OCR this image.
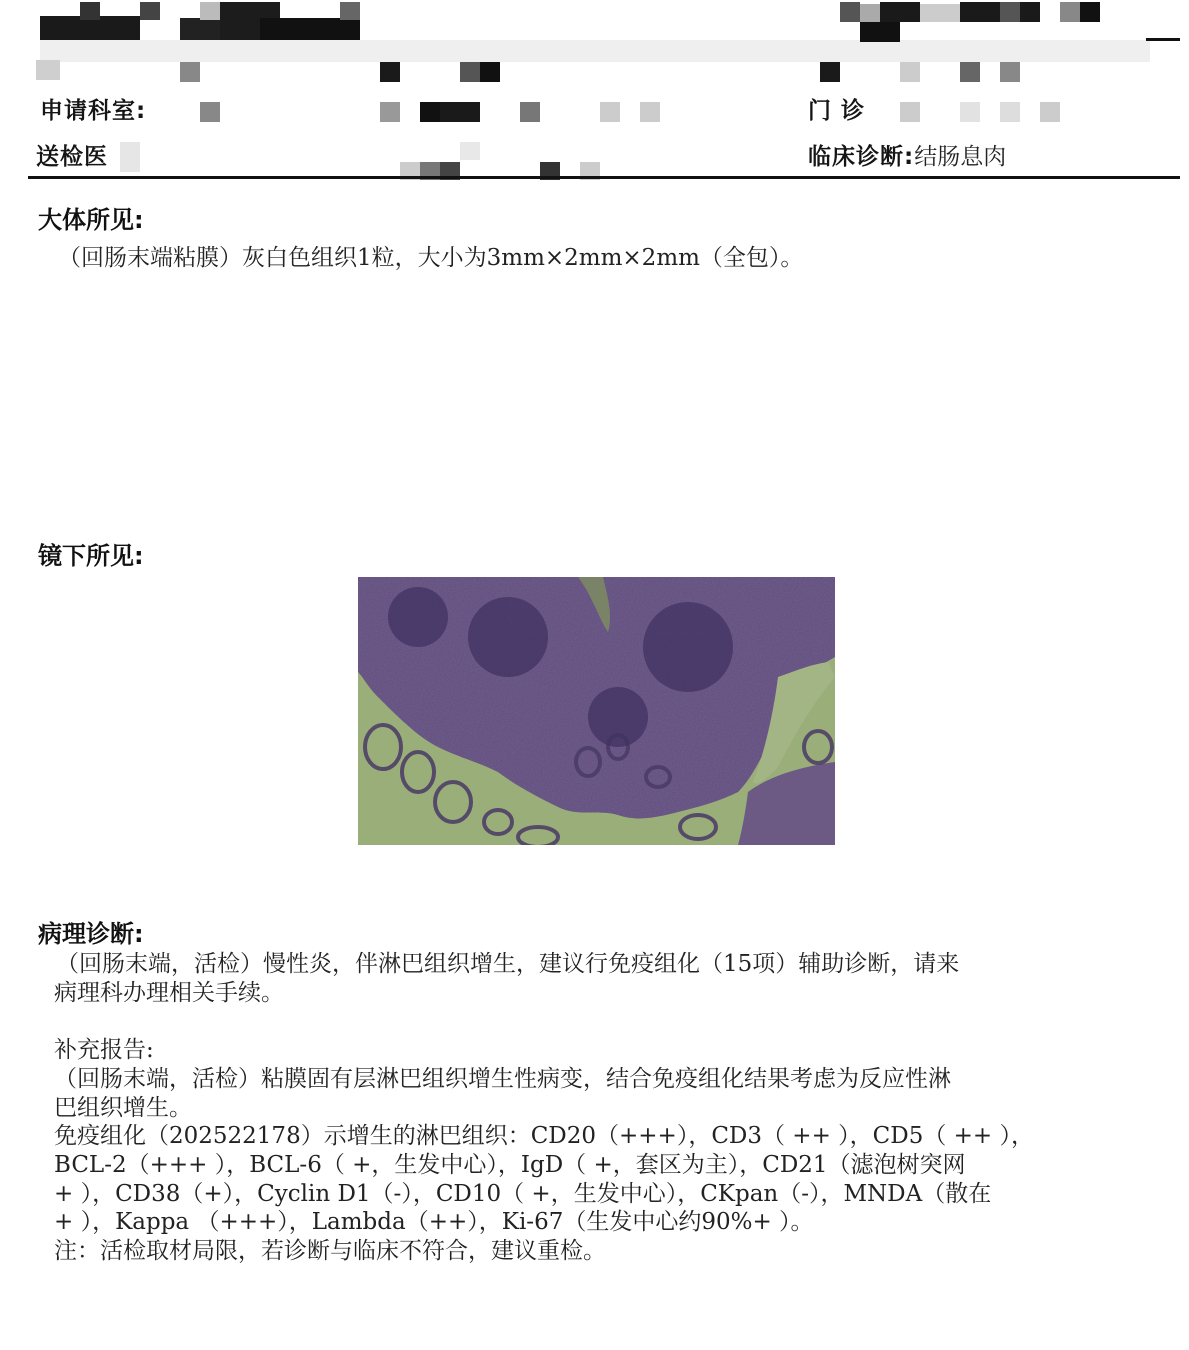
申请科室:	门 诊
送检医	临床诊断:结肠息肉
大体所见:
（回肠末端粘膜）灰白色组织1粒，大小为3mm×2mm×2mm（全包）。
镜下所见:
病理诊断:
（回肠末端，活检）慢性炎，伴淋巴组织增生，建议行免疫组化（15项）辅助诊断，请来
病理科办理相关手续。
补充报告:
（回肠末端，活检）粘膜固有层淋巴组织增生性病变，结合免疫组化结果考虑为反应性淋
巴组织增生。
免疫组化（202522178）示增生的淋巴组织：CD20（+++），CD3（ ++ ），CD5（ ++ ），
BCL-2（+++ ），BCL-6（ +，生发中心），IgD（ +，套区为主），CD21（滤泡树突网
+ ），CD38（+），Cyclin D1（-），CD10（ +，生发中心），CKpan（-），MNDA（散在
+ ），Kappa （+++），Lambda（++），Ki-67（生发中心约90%+ ）。
注：活检取材局限，若诊断与临床不符合，建议重检。
